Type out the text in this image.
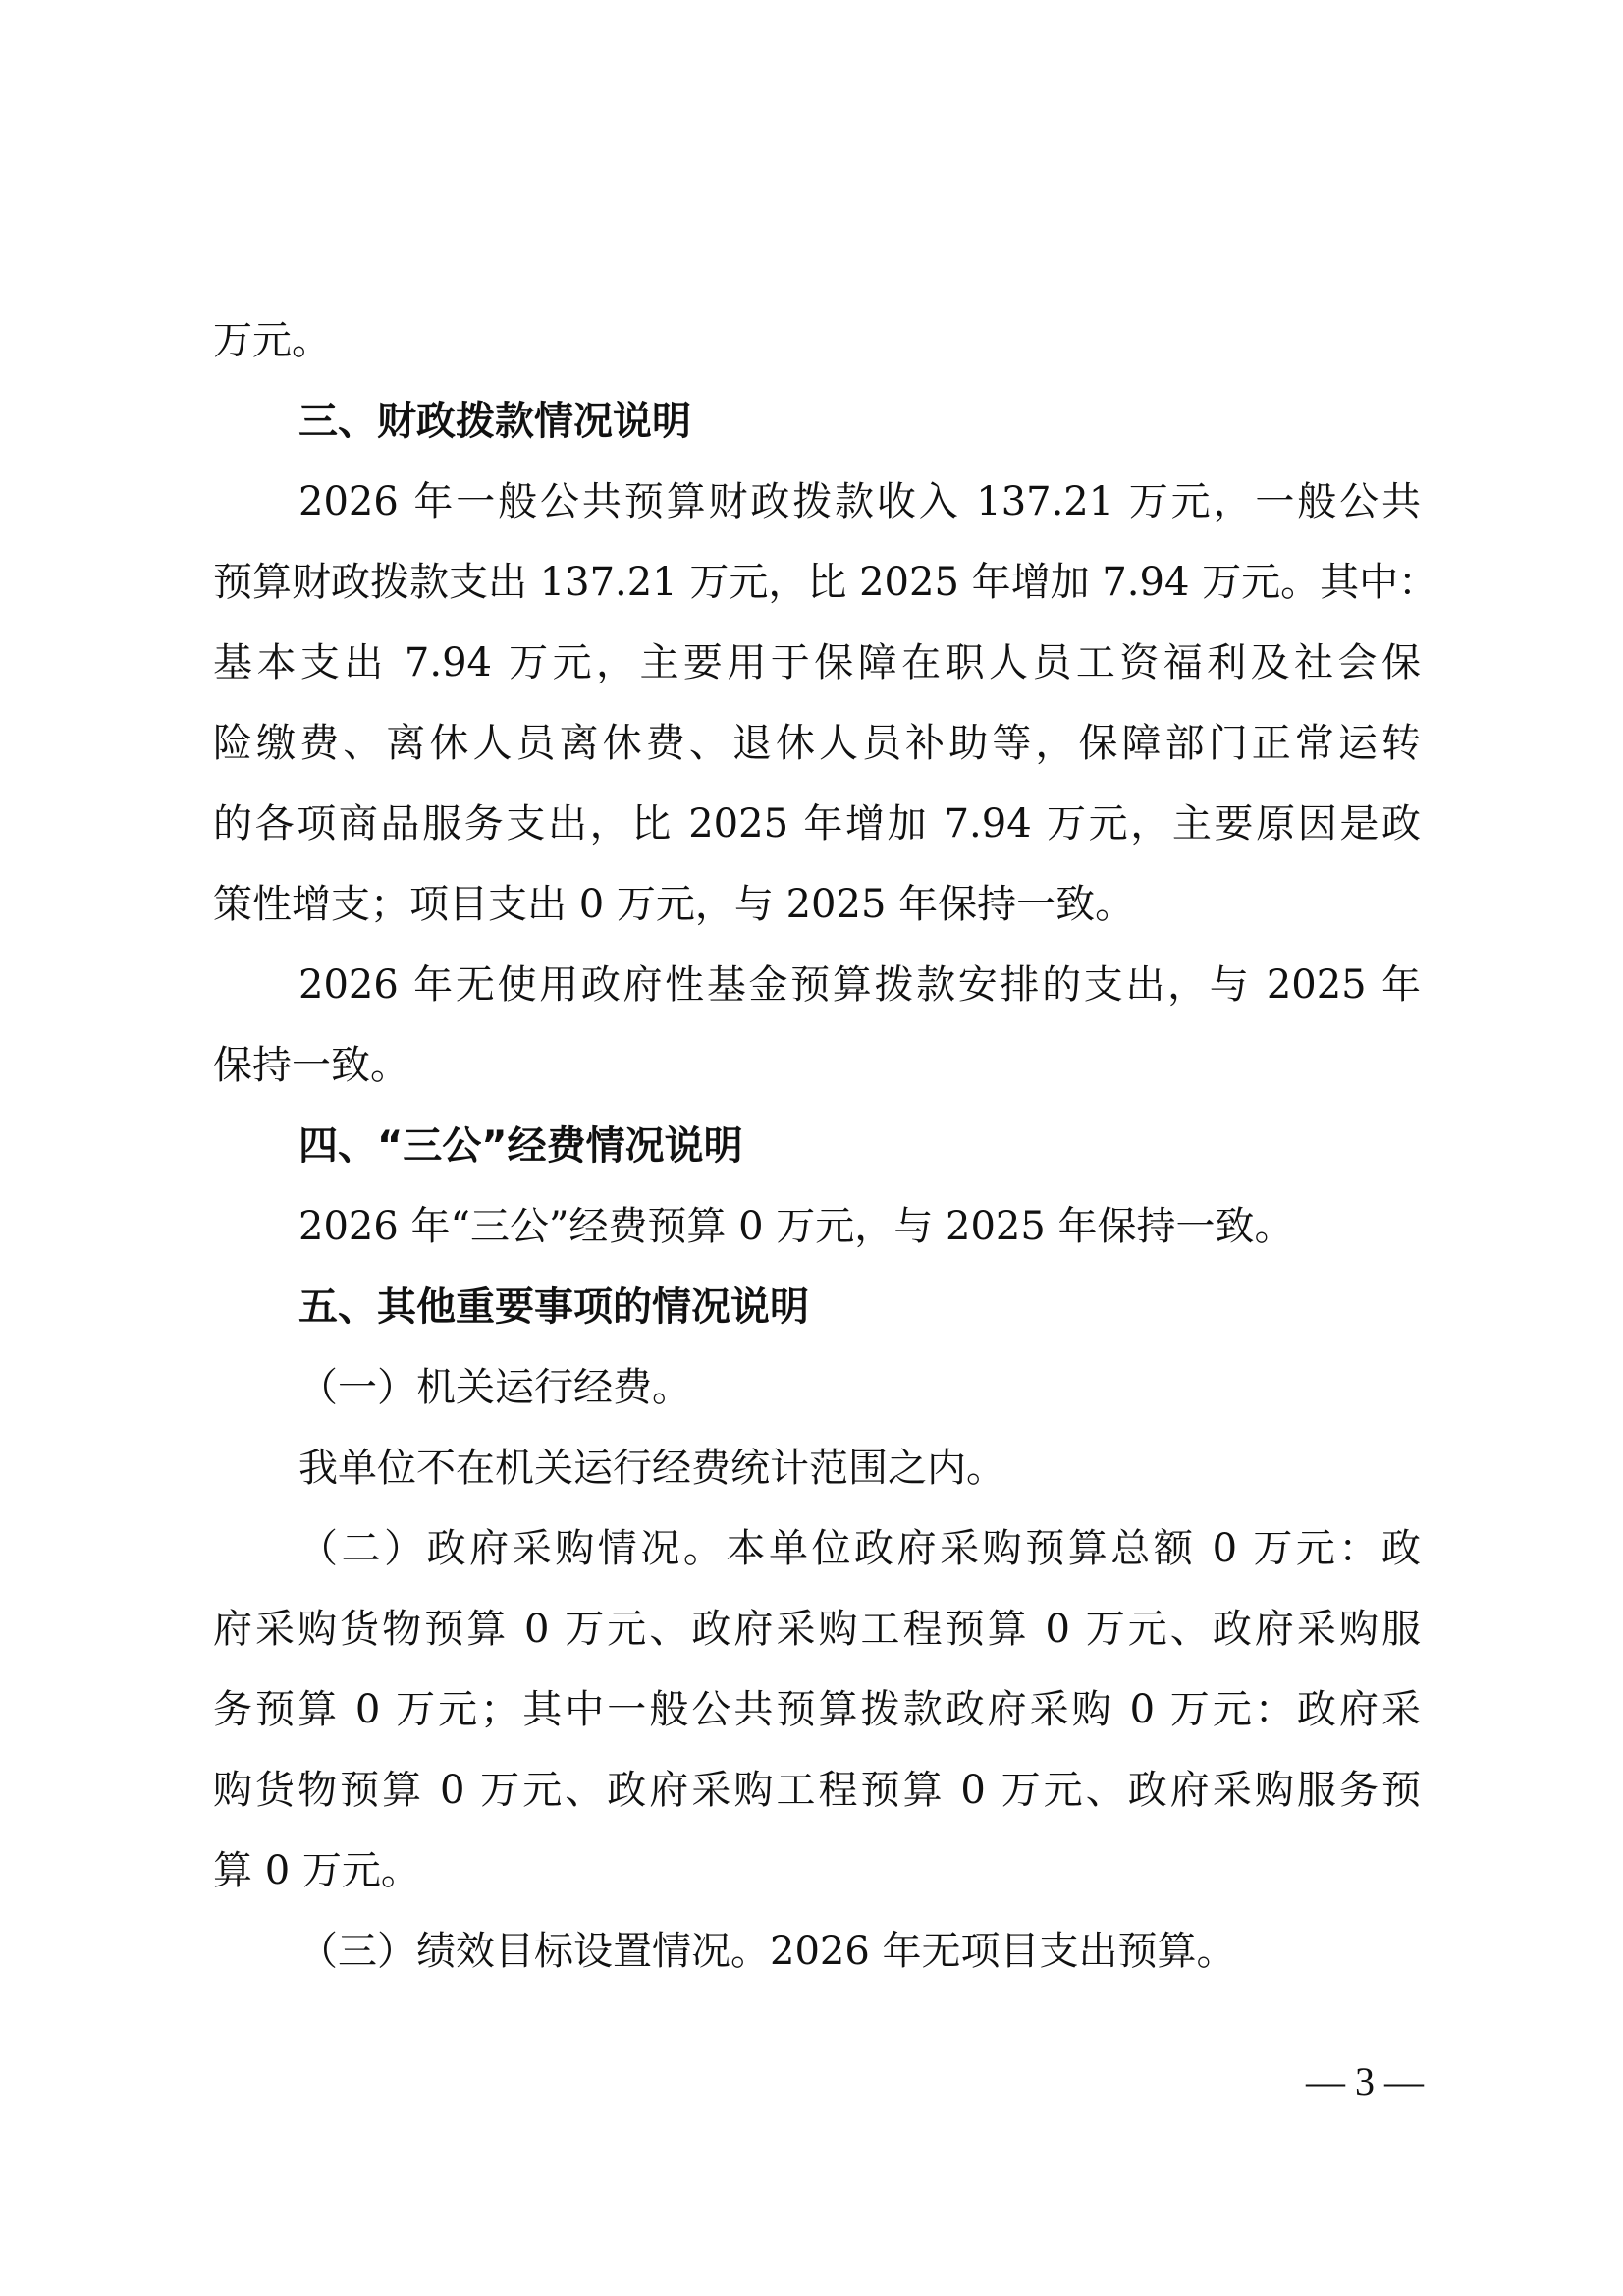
万元。
三、财政拨款情况说明
2026 年一般公共预算财政拨款收入 137.21 万元，一般公共
预算财政拨款支出 137.21 万元，比 2025 年增加 7.94 万元。其中：
基本支出 7.94 万元，主要用于保障在职人员工资福利及社会保
险缴费、离休人员离休费、退休人员补助等，保障部门正常运转
的各项商品服务支出，比 2025 年增加 7.94 万元，主要原因是政
策性增支；项目支出 0 万元，与 2025 年保持一致。
2026 年无使用政府性基金预算拨款安排的支出，与 2025 年
保持一致。
四、“三公”经费情况说明
2026 年“三公”经费预算 0 万元，与 2025 年保持一致。
五、其他重要事项的情况说明
（一）机关运行经费。
我单位不在机关运行经费统计范围之内。
（二）政府采购情况。本单位政府采购预算总额 0 万元：政
府采购货物预算 0 万元、政府采购工程预算 0 万元、政府采购服
务预算 0 万元；其中一般公共预算拨款政府采购 0 万元：政府采
购货物预算 0 万元、政府采购工程预算 0 万元、政府采购服务预
算 0 万元。
（三）绩效目标设置情况。2026 年无项目支出预算。
— 3 —
